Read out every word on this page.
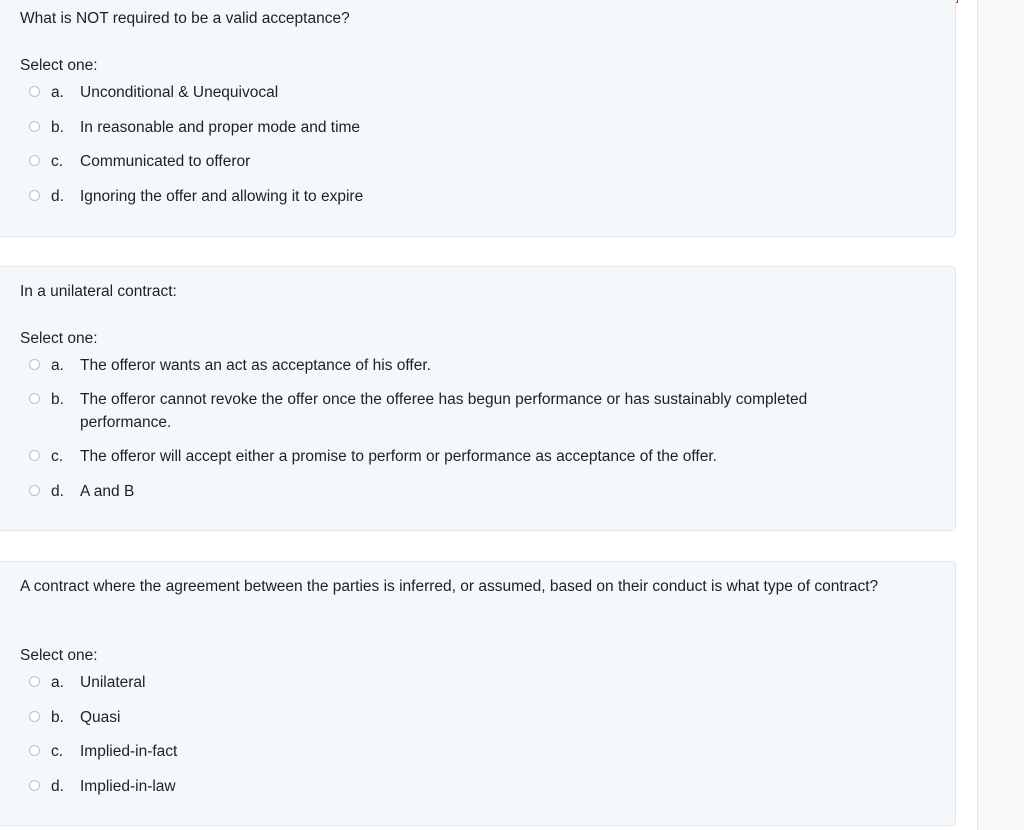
What is NOT required to be a valid acceptance?
Select one:
a. Unconditional & Unequivocal
b. In reasonable and proper mode and time
c. Communicated to offeror
d. Ignoring the offer and allowing it to expire
In a unilateral contract:
Select one:
a. The offeror wants an act as acceptance of his offer.
b. The offeror cannot revoke the offer once the offeree has begun performance or has sustainably completed performance.
c. The offeror will accept either a promise to perform or performance as acceptance of the offer.
d. A and B
A contract where the agreement between the parties is inferred, or assumed, based on their conduct is what type of contract?
Select one:
a. Unilateral
b. Quasi
c. Implied-in-fact
d. Implied-in-law
